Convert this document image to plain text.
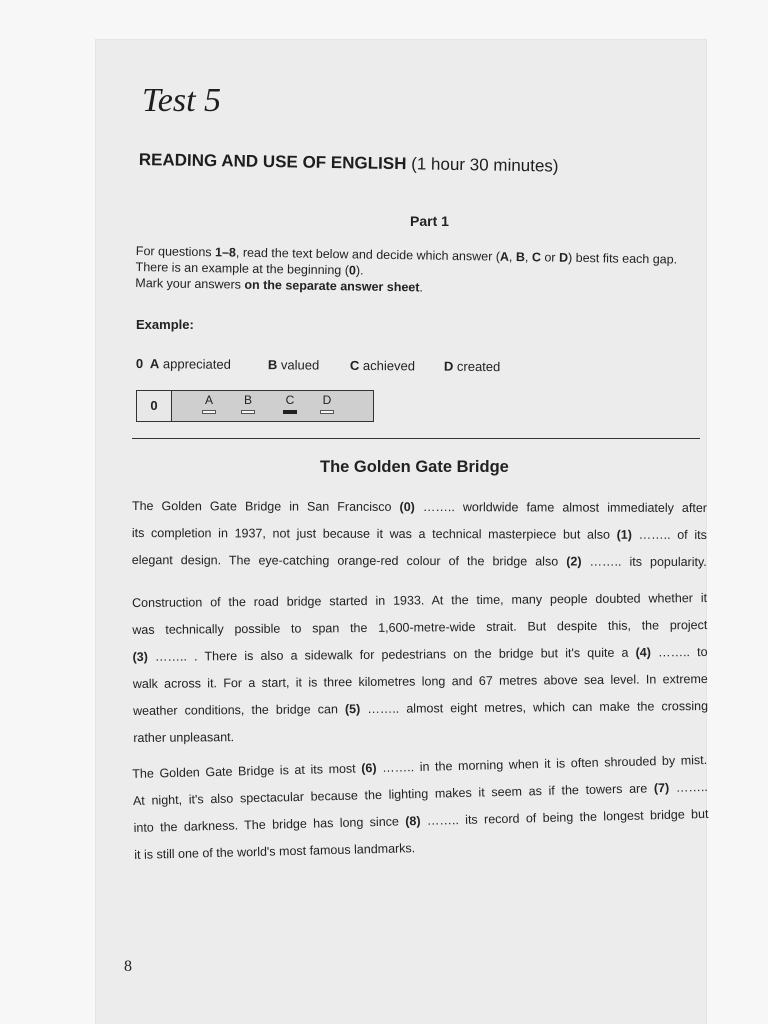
Test 5
READING AND USE OF ENGLISH (1 hour 30 minutes)
Part 1
For questions 1–8, read the text below and decide which answer (A, B, C or D) best fits each gap.
There is an example at the beginning (0).
Mark your answers on the separate answer sheet.
Example:
0 A appreciated	B valued C achieved D created
0	A	B	C	D
The Golden Gate Bridge
The Golden Gate Bridge in San Francisco (0) …….. worldwide fame almost immediately after
its completion in 1937, not just because it was a technical masterpiece but also (1) …….. of its
elegant design. The eye-catching orange-red colour of the bridge also (2) …….. its popularity.
Construction of the road bridge started in 1933. At the time, many people doubted whether it
was technically possible to span the 1,600-metre-wide strait. But despite this, the project
(3) …….. . There is also a sidewalk for pedestrians on the bridge but it's quite a (4) …….. to
walk across it. For a start, it is three kilometres long and 67 metres above sea level. In extreme
weather conditions, the bridge can (5) …….. almost eight metres, which can make the crossing
rather unpleasant.
The Golden Gate Bridge is at its most (6) …….. in the morning when it is often shrouded by mist.
At night, it's also spectacular because the lighting makes it seem as if the towers are (7) ……..
into the darkness. The bridge has long since (8) …….. its record of being the longest bridge but
it is still one of the world's most famous landmarks.
8
